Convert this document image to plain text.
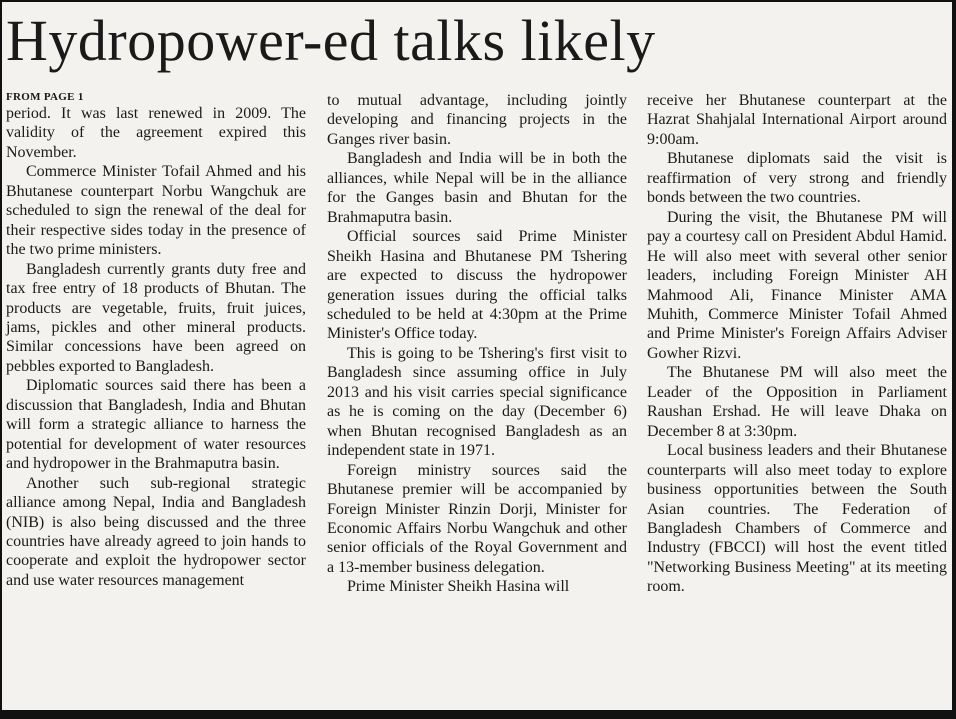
Hydropower-ed talks likely
FROM PAGE 1

period. It was last renewed in 2009. The validity of the agreement expired this November.

Commerce Minister Tofail Ahmed and his Bhutanese counterpart Norbu Wangchuk are scheduled to sign the renewal of the deal for their respective sides today in the presence of the two prime ministers.

Bangladesh currently grants duty free and tax free entry of 18 products of Bhutan. The products are vegetable, fruits, fruit juices, jams, pickles and other mineral products. Similar concessions have been agreed on pebbles exported to Bangladesh.

Diplomatic sources said there has been a discussion that Bangladesh, India and Bhutan will form a strategic alliance to harness the potential for development of water resources and hydropower in the Brahmaputra basin.

Another such sub-regional strategic alliance among Nepal, India and Bangladesh (NIB) is also being discussed and the three countries have already agreed to join hands to cooperate and exploit the hydropower sector and use water resources management

to mutual advantage, including jointly developing and financing projects in the Ganges river basin.

Bangladesh and India will be in both the alliances, while Nepal will be in the alliance for the Ganges basin and Bhutan for the Brahmaputra basin.

Official sources said Prime Minister Sheikh Hasina and Bhutanese PM Tshering are expected to discuss the hydropower generation issues during the official talks scheduled to be held at 4:30pm at the Prime Minister's Office today.

This is going to be Tshering's first visit to Bangladesh since assuming office in July 2013 and his visit carries special significance as he is coming on the day (December 6) when Bhutan recognised Bangladesh as an independent state in 1971.

Foreign ministry sources said the Bhutanese premier will be accompanied by Foreign Minister Rinzin Dorji, Minister for Economic Affairs Norbu Wangchuk and other senior officials of the Royal Government and a 13-member business delegation.

Prime Minister Sheikh Hasina will

receive her Bhutanese counterpart at the Hazrat Shahjalal International Airport around 9:00am.

Bhutanese diplomats said the visit is reaffirmation of very strong and friendly bonds between the two countries.

During the visit, the Bhutanese PM will pay a courtesy call on President Abdul Hamid. He will also meet with several other senior leaders, including Foreign Minister AH Mahmood Ali, Finance Minister AMA Muhith, Commerce Minister Tofail Ahmed and Prime Minister's Foreign Affairs Adviser Gowher Rizvi.

The Bhutanese PM will also meet the Leader of the Opposition in Parliament Raushan Ershad. He will leave Dhaka on December 8 at 3:30pm.

Local business leaders and their Bhutanese counterparts will also meet today to explore business opportunities between the South Asian countries. The Federation of Bangladesh Chambers of Commerce and Industry (FBCCI) will host the event titled "Networking Business Meeting" at its meeting room.
